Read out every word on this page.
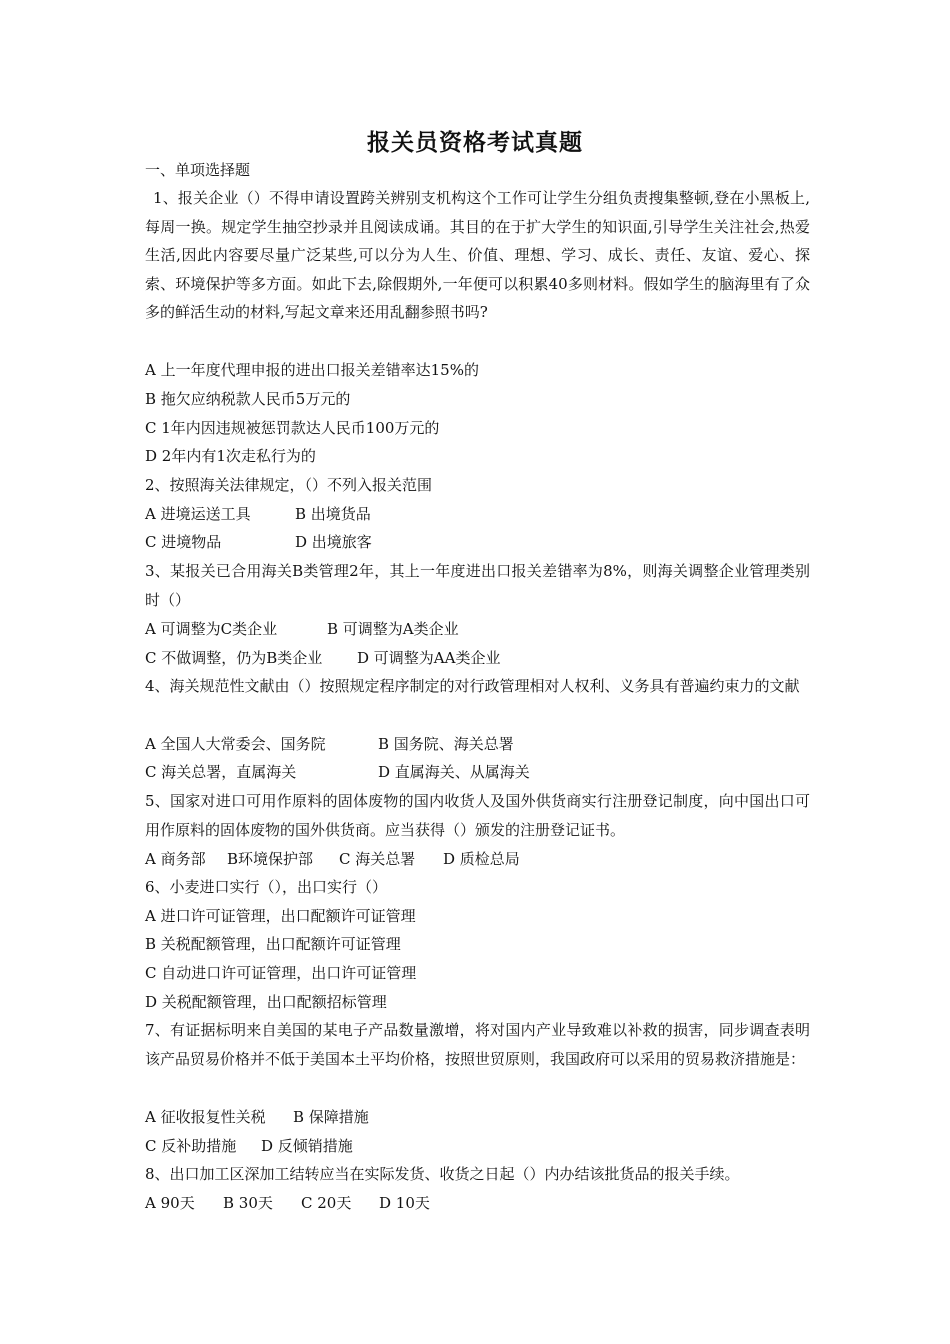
报关员资格考试真题
一、单项选择题
1、报关企业（）不得申请设置跨关辨别支机构这个工作可让学生分组负责搜集整顿,登在小黑板上,每周一换。规定学生抽空抄录并且阅读成诵。其目的在于扩大学生的知识面,引导学生关注社会,热爱生活,因此内容要尽量广泛某些,可以分为人生、价值、理想、学习、成长、责任、友谊、爱心、探索、环境保护等多方面。如此下去,除假期外,一年便可以积累40多则材料。假如学生的脑海里有了众多的鲜活生动的材料,写起文章来还用乱翻参照书吗?
A 上一年度代理申报的进出口报关差错率达15%的
B 拖欠应纳税款人民币5万元的
C 1年内因违规被惩罚款达人民币100万元的
D 2年内有1次走私行为的
2、按照海关法律规定，（）不列入报关范围
A 进境运送工具	B 出境货品
C 进境物品	D 出境旅客
3、某报关已合用海关B类管理2年，其上一年度进出口报关差错率为8%，则海关调整企业管理类别时（）
A 可调整为C类企业	B 可调整为A类企业
C 不做调整，仍为B类企业 D 可调整为AA类企业
4、海关规范性文献由（）按照规定程序制定的对行政管理相对人权利、义务具有普遍约束力的文献
A 全国人大常委会、国务院	B 国务院、海关总署
C 海关总署，直属海关	D 直属海关、从属海关
5、国家对进口可用作原料的固体废物的国内收货人及国外供货商实行注册登记制度，向中国出口可用作原料的固体废物的国外供货商。应当获得（）颁发的注册登记证书。
A 商务部 B环境保护部 C 海关总署 D 质检总局
6、小麦进口实行（），出口实行（）
A 进口许可证管理，出口配额许可证管理
B 关税配额管理，出口配额许可证管理
C 自动进口许可证管理，出口许可证管理
D 关税配额管理，出口配额招标管理
7、有证据标明来自美国的某电子产品数量激增，将对国内产业导致难以补救的损害，同步调查表明该产品贸易价格并不低于美国本土平均价格，按照世贸原则，我国政府可以采用的贸易救济措施是：
A 征收报复性关税 B 保障措施
C 反补助措施 D 反倾销措施
8、出口加工区深加工结转应当在实际发货、收货之日起（）内办结该批货品的报关手续。
A 90天 B 30天 C 20天 D 10天
